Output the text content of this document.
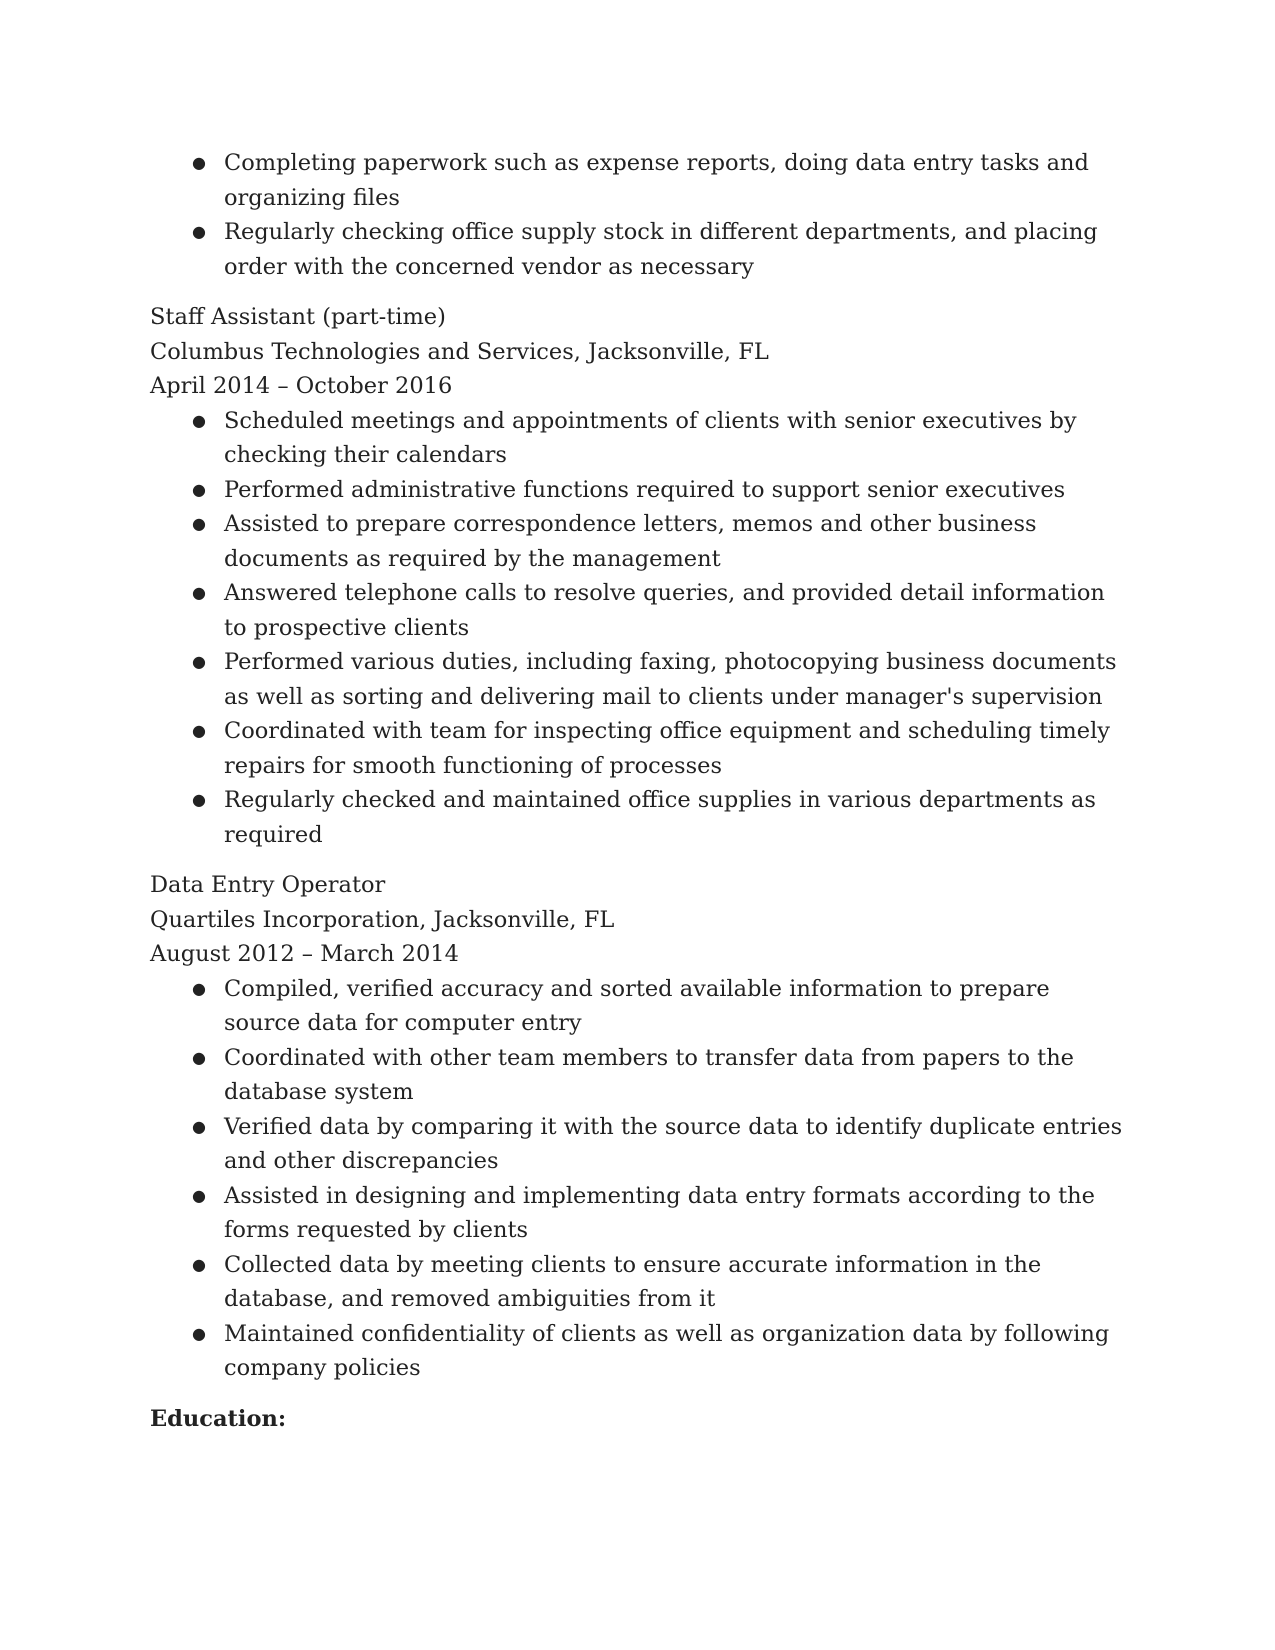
● Completing paperwork such as expense reports, doing data entry tasks and organizing files
● Regularly checking office supply stock in different departments, and placing order with the concerned vendor as necessary
Staff Assistant (part-time)
Columbus Technologies and Services, Jacksonville, FL
April 2014 – October 2016
● Scheduled meetings and appointments of clients with senior executives by checking their calendars
● Performed administrative functions required to support senior executives
● Assisted to prepare correspondence letters, memos and other business documents as required by the management
● Answered telephone calls to resolve queries, and provided detail information to prospective clients
● Performed various duties, including faxing, photocopying business documents as well as sorting and delivering mail to clients under manager's supervision
● Coordinated with team for inspecting office equipment and scheduling timely repairs for smooth functioning of processes
● Regularly checked and maintained office supplies in various departments as required
Data Entry Operator
Quartiles Incorporation, Jacksonville, FL
August 2012 – March 2014
● Compiled, verified accuracy and sorted available information to prepare source data for computer entry
● Coordinated with other team members to transfer data from papers to the database system
● Verified data by comparing it with the source data to identify duplicate entries and other discrepancies
● Assisted in designing and implementing data entry formats according to the forms requested by clients
● Collected data by meeting clients to ensure accurate information in the database, and removed ambiguities from it
● Maintained confidentiality of clients as well as organization data by following company policies
Education:
